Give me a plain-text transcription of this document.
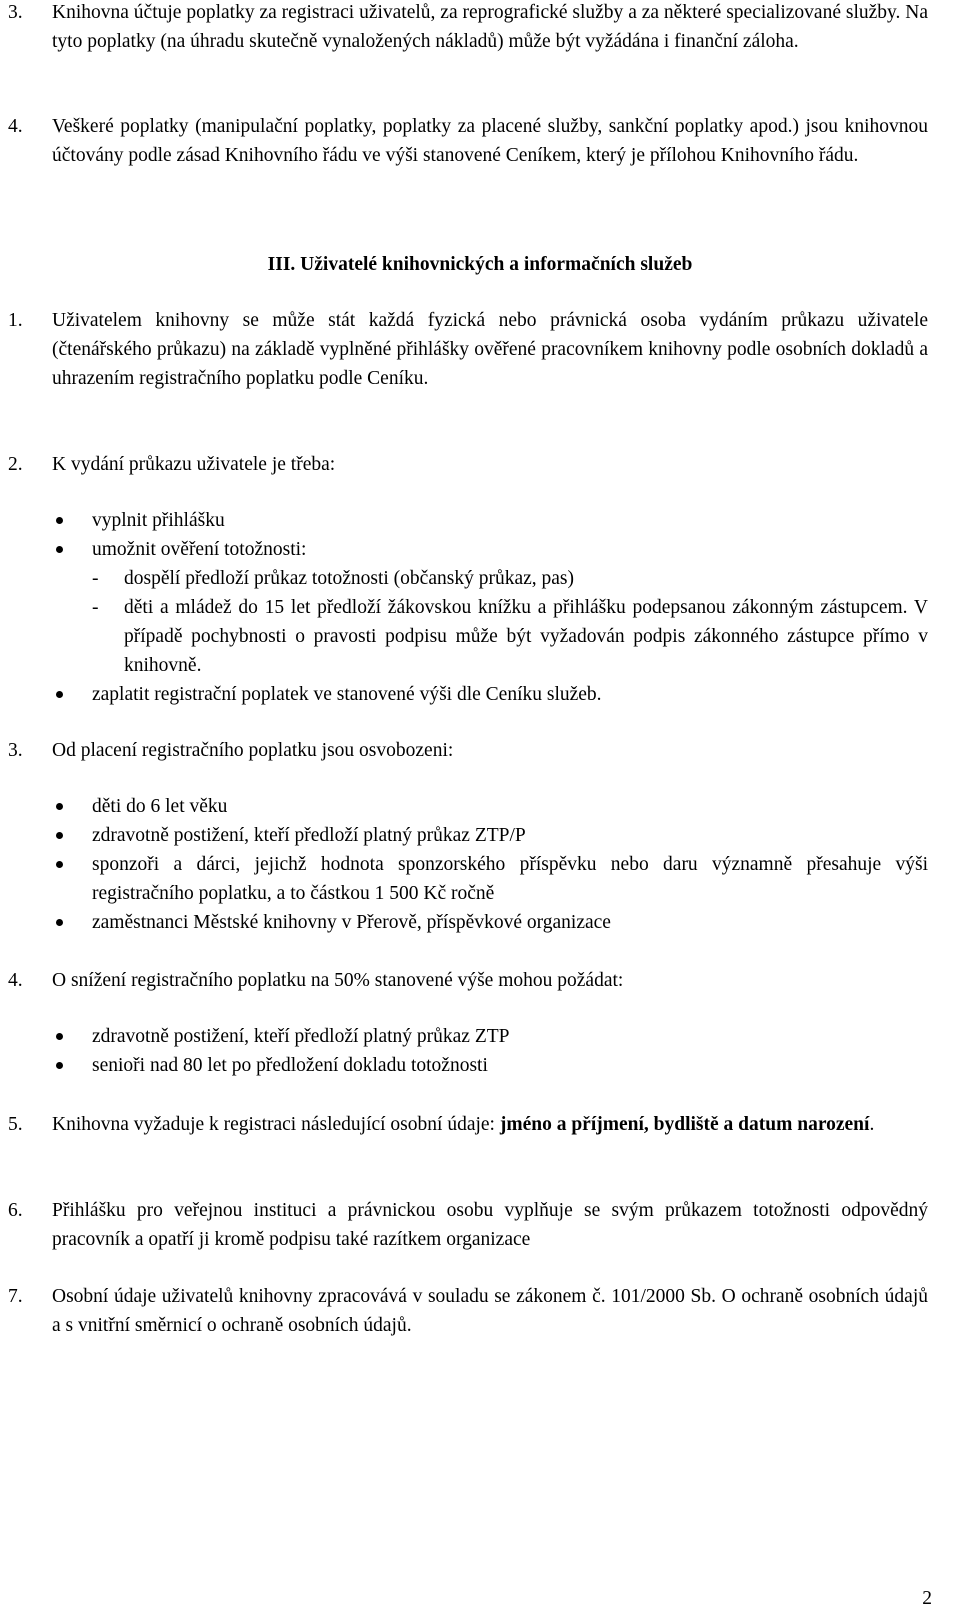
3. Knihovna účtuje poplatky za registraci uživatelů, za reprografické služby a za některé specializované služby. Na tyto poplatky (na úhradu skutečně vynaložených nákladů) může být vyžádána i finanční záloha.
4. Veškeré poplatky (manipulační poplatky, poplatky za placené služby, sankční poplatky apod.) jsou knihovnou účtovány podle zásad Knihovního řádu ve výši stanovené Ceníkem, který je přílohou Knihovního řádu.
III. Uživatelé knihovnických a informačních služeb
1. Uživatelem knihovny se může stát každá fyzická nebo právnická osoba vydáním průkazu uživatele (čtenářského průkazu) na základě vyplněné přihlášky ověřené pracovníkem knihovny podle osobních dokladů a uhrazením registračního poplatku podle Ceníku.
2. K vydání průkazu uživatele je třeba:
vyplnit přihlášku
umožnit ověření totožnosti:
- dospělí předloží průkaz totožnosti (občanský průkaz, pas)
- děti a mládež do 15 let předloží žákovskou knížku a přihlášku podepsanou zákonným zástupcem. V případě pochybnosti o pravosti podpisu může být vyžadován podpis zákonného zástupce přímo v knihovně.
zaplatit registrační poplatek ve stanovené výši dle Ceníku služeb.
3. Od placení registračního poplatku jsou osvobozeni:
děti do 6 let věku
zdravotně postižení, kteří předloží platný průkaz ZTP/P
sponzoři a dárci, jejichž hodnota sponzorského příspěvku nebo daru významně přesahuje výši registračního poplatku, a to částkou 1 500 Kč ročně
zaměstnanci Městské knihovny v Přerově, příspěvkové organizace
4. O snížení registračního poplatku na 50% stanovené výše mohou požádat:
zdravotně postižení, kteří předloží platný průkaz ZTP
senioři nad 80 let po předložení dokladu totožnosti
5. Knihovna vyžaduje k registraci následující osobní údaje: jméno a příjmení, bydliště a datum narození.
6. Přihlášku pro veřejnou instituci a právnickou osobu vyplňuje se svým průkazem totožnosti odpovědný pracovník a opatří ji kromě podpisu také razítkem organizace
7. Osobní údaje uživatelů knihovny zpracovává v souladu se zákonem č. 101/2000 Sb. O ochraně osobních údajů a s vnitřní směrnicí o ochraně osobních údajů.
2
